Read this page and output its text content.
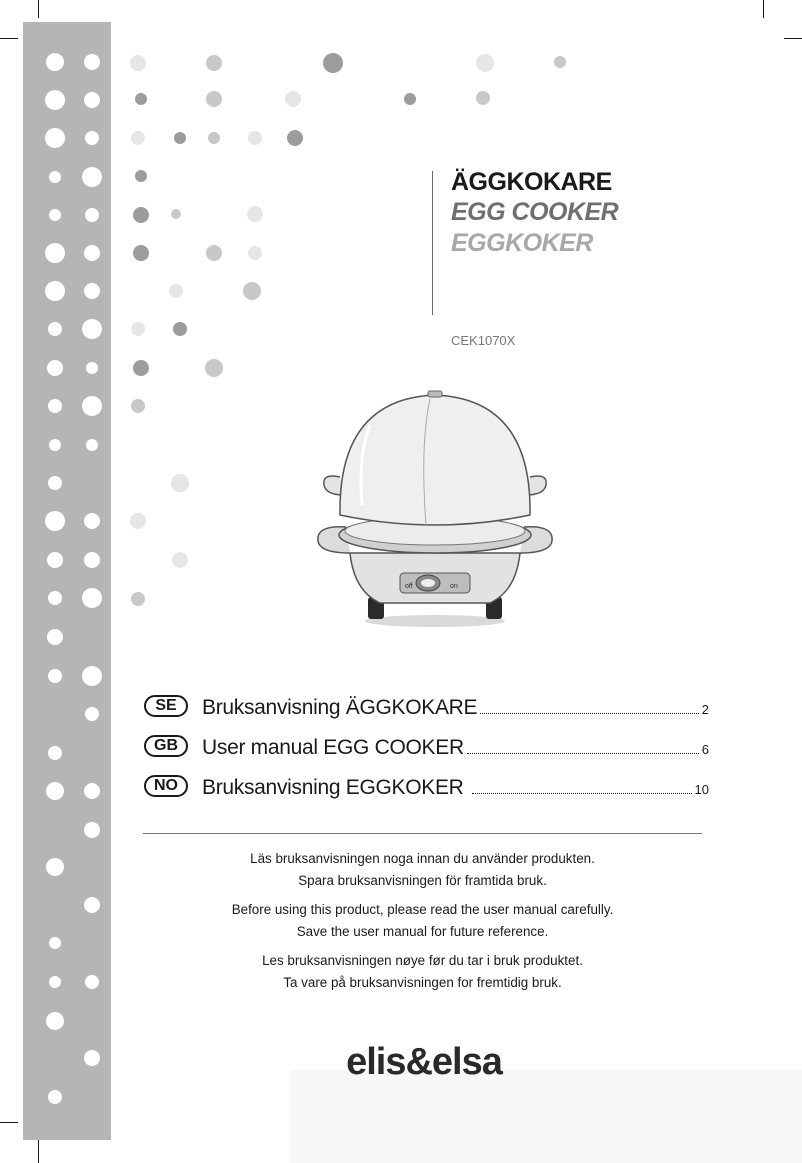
ÄGGKOKARE
EGG COOKER
EGGKOKER
CEK1070X
off	on
SE	Bruksanvisning ÄGGKOKARE	2
GB	User manual EGG COOKER	6
NO	Bruksanvisning EGGKOKER	10

Läs bruksanvisningen noga innan du använder produkten.
Spara bruksanvisningen för framtida bruk.

Before using this product, please read the user manual carefully.
Save the user manual for future reference.

Les bruksanvisningen nøye før du tar i bruk produktet.
Ta vare på bruksanvisningen for fremtidig bruk.

elis&elsa
